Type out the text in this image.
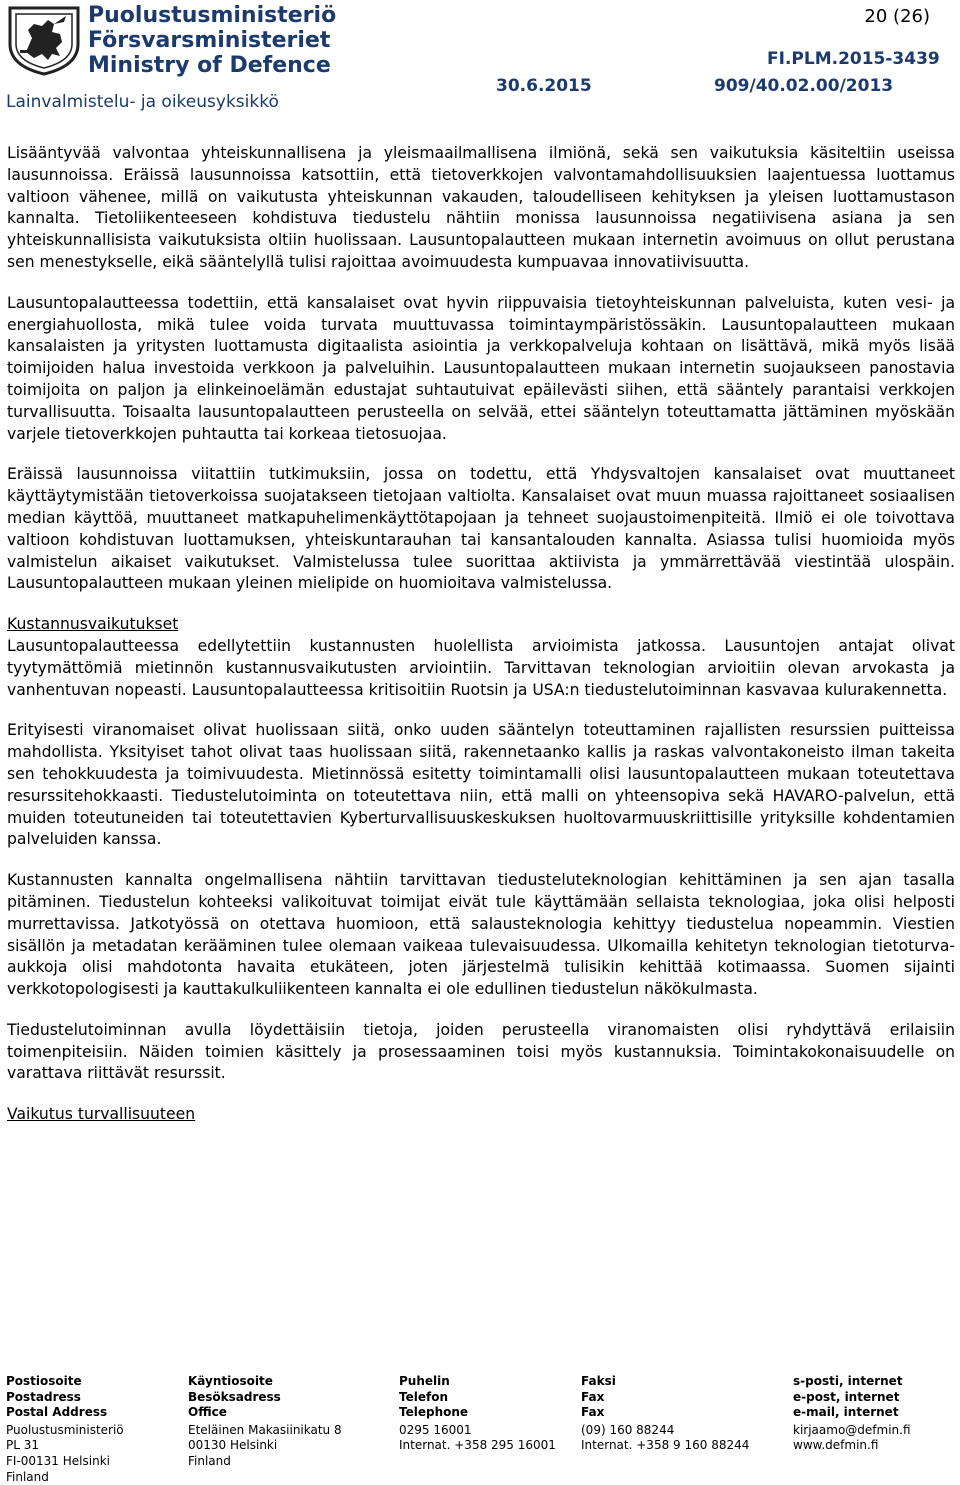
Puolustusministeriö
Försvarsministeriet
Ministry of Defence
Lainvalmistelu- ja oikeusyksikkö
20 (26)
30.6.2015
FI.PLM.2015-3439
909/40.02.00/2013

Lisääntyvää valvontaa yhteiskunnallisena ja yleismaailmallisena ilmiönä, sekä sen vaikutuksia käsiteltiin useissa lausunnoissa. Eräissä lausunnoissa katsottiin, että tietoverkkojen valvontamahdollisuuksien laajentuessa luottamus valtioon vähenee, millä on vaikutusta yhteiskunnan vakauden, taloudelliseen kehityksen ja yleisen luottamustason kannalta. Tietoliikenteeseen kohdistuva tiedustelu nähtiin monissa lausunnoissa negatiivisena asiana ja sen yhteiskunnallisista vaikutuksista oltiin huolissaan. Lausuntopalautteen mukaan internetin avoimuus on ollut perustana sen menestykselle, eikä sääntelyllä tulisi rajoittaa avoimuudesta kumpuavaa innovatiivisuutta.

Lausuntopalautteessa todettiin, että kansalaiset ovat hyvin riippuvaisia tietoyhteiskunnan palveluista, kuten vesi- ja energiahuollosta, mikä tulee voida turvata muuttuvassa toimintaympäristössäkin. Lausuntopalautteen mukaan kansalaisten ja yritysten luottamusta digitaalista asiointia ja verkkopalveluja kohtaan on lisättävä, mikä myös lisää toimijoiden halua investoida verkkoon ja palveluihin. Lausuntopalautteen mukaan internetin suojaukseen panostavia toimijoita on paljon ja elinkeinoelämän edustajat suhtautuivat epäilevästi siihen, että sääntely parantaisi verkkojen turvallisuutta. Toisaalta lausuntopalautteen perusteella on selvää, ettei sääntelyn toteuttamatta jättäminen myöskään varjele tietoverkkojen puhtautta tai korkeaa tietosuojaa.

Eräissä lausunnoissa viitattiin tutkimuksiin, jossa on todettu, että Yhdysvaltojen kansalaiset ovat muuttaneet käyttäytymistään tietoverkoissa suojatakseen tietojaan valtiolta. Kansalaiset ovat muun muassa rajoittaneet sosiaalisen median käyttöä, muuttaneet matkapuhelimenkäyttötapojaan ja tehneet suojaustoimenpiteitä. Ilmiö ei ole toivottava valtioon kohdistuvan luottamuksen, yhteiskuntarauhan tai kansantalouden kannalta. Asiassa tulisi huomioida myös valmistelun aikaiset vaikutukset. Valmistelussa tulee suorittaa aktiivista ja ymmärrettävää viestintää ulospäin. Lausuntopalautteen mukaan yleinen mielipide on huomioitava valmistelussa.

Kustannusvaikutukset

Lausuntopalautteessa edellytettiin kustannusten huolellista arvioimista jatkossa. Lausuntojen antajat olivat tyytymättömiä mietinnön kustannusvaikutusten arviointiin. Tarvittavan teknologian arvioitiin olevan arvokasta ja vanhentuvan nopeasti. Lausuntopalautteessa kritisoitiin Ruotsin ja USA:n tiedustelutoiminnan kasvavaa kulurakennetta.

Erityisesti viranomaiset olivat huolissaan siitä, onko uuden sääntelyn toteuttaminen rajallisten resurssien puitteissa mahdollista. Yksityiset tahot olivat taas huolissaan siitä, rakennetaanko kallis ja raskas valvontakoneisto ilman takeita sen tehokkuudesta ja toimivuudesta. Mietinnössä esitetty toimintamalli olisi lausuntopalautteen mukaan toteutettava resurssitehokkaasti. Tiedustelutoiminta on toteutettava niin, että malli on yhteensopiva sekä HAVARO-palvelun, että muiden toteutuneiden tai toteutettavien Kyberturvallisuuskeskuksen huoltovarmuuskriittisille yrityksille kohdentamien palveluiden kanssa.

Kustannusten kannalta ongelmallisena nähtiin tarvittavan tiedusteluteknologian kehittäminen ja sen ajan tasalla pitäminen. Tiedustelun kohteeksi valikoituvat toimijat eivät tule käyttämään sellaista teknologiaa, joka olisi helposti murrettavissa. Jatkotyössä on otettava huomioon, että salausteknologia kehittyy tiedustelua nopeammin. Viestien sisällön ja metadatan kerääminen tulee olemaan vaikeaa tulevaisuudessa. Ulkomailla kehitetyn teknologian tietoturva-aukkoja olisi mahdotonta havaita etukäteen, joten järjestelmä tulisikin kehittää kotimaassa. Suomen sijainti verkkotopologisesti ja kauttakulkuliikenteen kannalta ei ole edullinen tiedustelun näkökulmasta.

Tiedustelutoiminnan avulla löydettäisiin tietoja, joiden perusteella viranomaisten olisi ryhdyttävä erilaisiin toimenpiteisiin. Näiden toimien käsittely ja prosessaaminen toisi myös kustannuksia. Toimintakokonaisuudelle on varattava riittävät resurssit.

Vaikutus turvallisuuteen

Postiosoite
Postadress
Postal Address
Puolustusministeriö
PL 31
FI-00131 Helsinki
Finland
Käyntiosoite
Besöksadress
Office
Eteläinen Makasiinikatu 8
00130 Helsinki
Finland
Puhelin
Telefon
Telephone
0295 16001
Internat. +358 295 16001
Faksi
Fax
Fax
(09) 160 88244
Internat. +358 9 160 88244
s-posti, internet
e-post, internet
e-mail, internet
kirjaamo@defmin.fi
www.defmin.fi
